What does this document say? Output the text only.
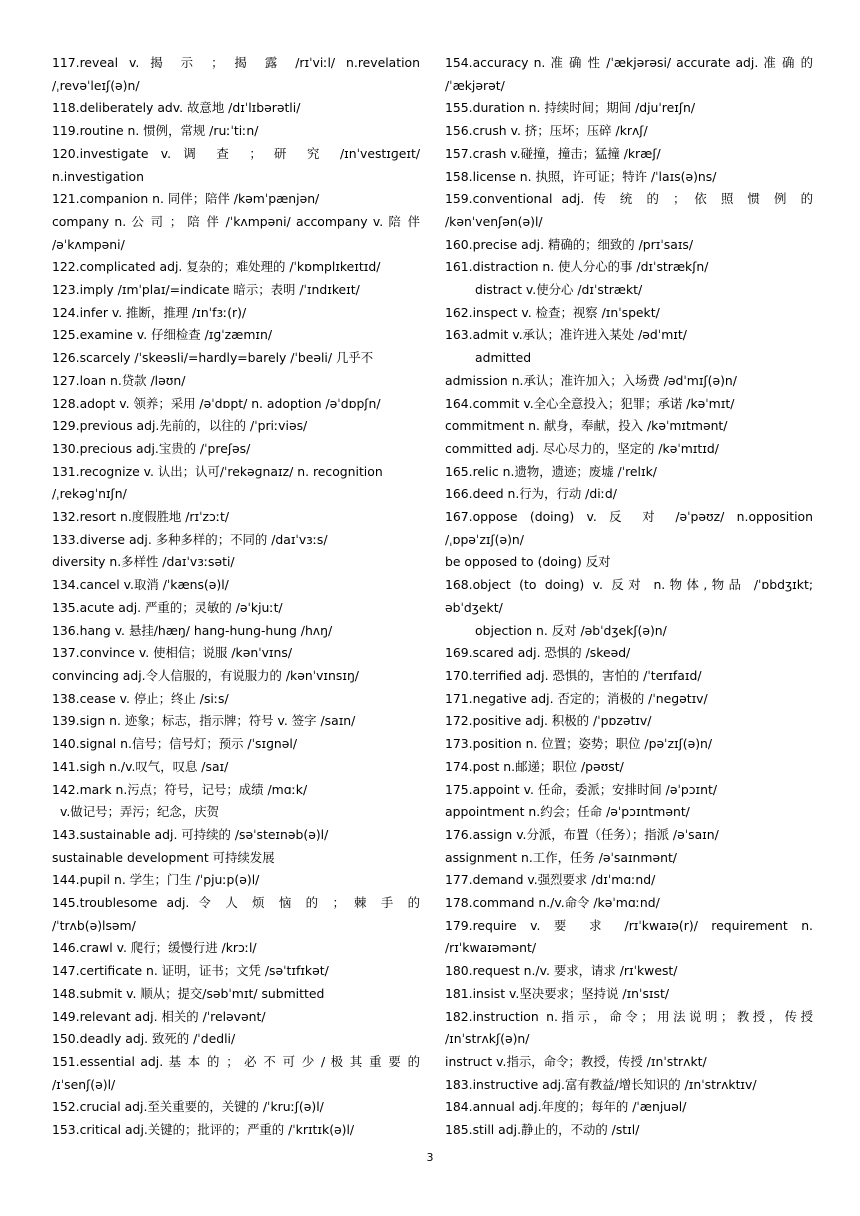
117.reveal v. 揭 示 ； 揭 露 /rɪˈviːl/ n.revelation
/ˌrevəˈleɪʃ(ə)n/
118.deliberately adv. 故意地 /dɪˈlɪbərətli/
119.routine n. 惯例，常规 /ruːˈtiːn/
120.investigate v. 调 查 ； 研 究 /ɪnˈvestɪɡeɪt/
n.investigation
121.companion n. 同伴；陪伴 /kəmˈpænjən/
company n. 公 司 ； 陪 伴 /ˈkʌmpəni/ accompany v. 陪 伴
/əˈkʌmpəni/
122.complicated adj. 复杂的；难处理的 /ˈkɒmplɪkeɪtɪd/
123.imply /ɪmˈplaɪ/=indicate 暗示；表明 /ˈɪndɪkeɪt/
124.infer v. 推断，推理 /ɪnˈfɜː(r)/
125.examine v. 仔细检查 /ɪɡˈzæmɪn/
126.scarcely /ˈskeəsli/=hardly=barely /ˈbeəli/ 几乎不
127.loan n.贷款 /ləʊn/
128.adopt v. 领养；采用 /əˈdɒpt/ n. adoption /əˈdɒpʃn/
129.previous adj.先前的，以往的 /ˈpriːviəs/
130.precious adj.宝贵的 /ˈpreʃəs/
131.recognize v. 认出；认可/ˈrekəɡnaɪz/ n. recognition
/ˌrekəɡˈnɪʃn/
132.resort n.度假胜地 /rɪˈzɔːt/
133.diverse adj. 多种多样的；不同的 /daɪˈvɜːs/
diversity n.多样性 /daɪˈvɜːsəti/
134.cancel v.取消 /ˈkæns(ə)l/
135.acute adj. 严重的；灵敏的 /əˈkjuːt/
136.hang v. 悬挂/hæŋ/ hang-hung-hung /hʌŋ/
137.convince v. 使相信；说服 /kənˈvɪns/
convincing adj.令人信服的，有说服力的 /kənˈvɪnsɪŋ/
138.cease v. 停止；终止 /siːs/
139.sign n. 迹象；标志，指示牌；符号 v. 签字 /saɪn/
140.signal n.信号；信号灯；预示 /ˈsɪɡnəl/
141.sigh n./v.叹气，叹息 /saɪ/
142.mark n.污点；符号，记号；成绩 /mɑːk/
v.做记号；弄污；纪念，庆贺
143.sustainable adj. 可持续的 /səˈsteɪnəb(ə)l/
sustainable development 可持续发展
144.pupil n. 学生；门生 /ˈpjuːp(ə)l/
145.troublesome adj. 令 人 烦 恼 的 ； 棘 手 的
/ˈtrʌb(ə)lsəm/
146.crawl v. 爬行；缓慢行进 /krɔːl/
147.certificate n. 证明，证书；文凭 /səˈtɪfɪkət/
148.submit v. 顺从；提交/səbˈmɪt/ submitted
149.relevant adj. 相关的 /ˈreləvənt/
150.deadly adj. 致死的 /ˈdedli/
151.essential adj. 基 本 的 ； 必 不 可 少 / 极 其 重 要 的
/ɪˈsenʃ(ə)l/
152.crucial adj.至关重要的，关键的 /ˈkruːʃ(ə)l/
153.critical adj.关键的；批评的；严重的 /ˈkrɪtɪk(ə)l/
154.accuracy n. 准 确 性 /ˈækjərəsi/ accurate adj. 准 确 的
/ˈækjərət/
155.duration n. 持续时间；期间 /djuˈreɪʃn/
156.crush v. 挤；压坏；压碎 /krʌʃ/
157.crash v.碰撞，撞击；猛撞 /kræʃ/
158.license n. 执照，许可证；特许 /ˈlaɪs(ə)ns/
159.conventional adj. 传 统 的 ； 依 照 惯 例 的
/kənˈvenʃən(ə)l/
160.precise adj. 精确的；细致的 /prɪˈsaɪs/
161.distraction n. 使人分心的事 /dɪˈstrækʃn/
distract v.使分心 /dɪˈstrækt/
162.inspect v. 检查；视察 /ɪnˈspekt/
163.admit v.承认；准许进入某处 /ədˈmɪt/
admitted
admission n.承认；准许加入；入场费 /ədˈmɪʃ(ə)n/
164.commit v.全心全意投入；犯罪；承诺 /kəˈmɪt/
commitment n. 献身，奉献，投入 /kəˈmɪtmənt/
committed adj. 尽心尽力的，坚定的 /kəˈmɪtɪd/
165.relic n.遗物，遗迹；废墟 /ˈrelɪk/
166.deed n.行为，行动 /diːd/
167.oppose (doing) v. 反 对 /əˈpəʊz/ n.opposition
/ˌɒpəˈzɪʃ(ə)n/
be opposed to (doing) 反对
168.object (to doing) v. 反对 n.物体,物品 /ˈɒbdʒɪkt;
əbˈdʒekt/
objection n. 反对 /əbˈdʒekʃ(ə)n/
169.scared adj. 恐惧的 /skeəd/
170.terrified adj. 恐惧的，害怕的 /ˈterɪfaɪd/
171.negative adj. 否定的；消极的 /ˈneɡətɪv/
172.positive adj. 积极的 /ˈpɒzətɪv/
173.position n. 位置；姿势；职位 /pəˈzɪʃ(ə)n/
174.post n.邮递；职位 /pəʊst/
175.appoint v. 任命，委派；安排时间 /əˈpɔɪnt/
appointment n.约会；任命 /əˈpɔɪntmənt/
176.assign v.分派，布置（任务）；指派 /əˈsaɪn/
assignment n.工作，任务 /əˈsaɪnmənt/
177.demand v.强烈要求 /dɪˈmɑːnd/
178.command n./v.命令 /kəˈmɑːnd/
179.require v. 要 求 /rɪˈkwaɪə(r)/ requirement n.
/rɪˈkwaɪəmənt/
180.request n./v. 要求，请求 /rɪˈkwest/
181.insist v.坚决要求；坚持说 /ɪnˈsɪst/
182.instruction n.指示，命令；用法说明；教授，传授
/ɪnˈstrʌkʃ(ə)n/
instruct v.指示，命令；教授，传授 /ɪnˈstrʌkt/
183.instructive adj.富有教益/增长知识的 /ɪnˈstrʌktɪv/
184.annual adj.年度的；每年的 /ˈænjuəl/
185.still adj.静止的，不动的 /stɪl/
3
